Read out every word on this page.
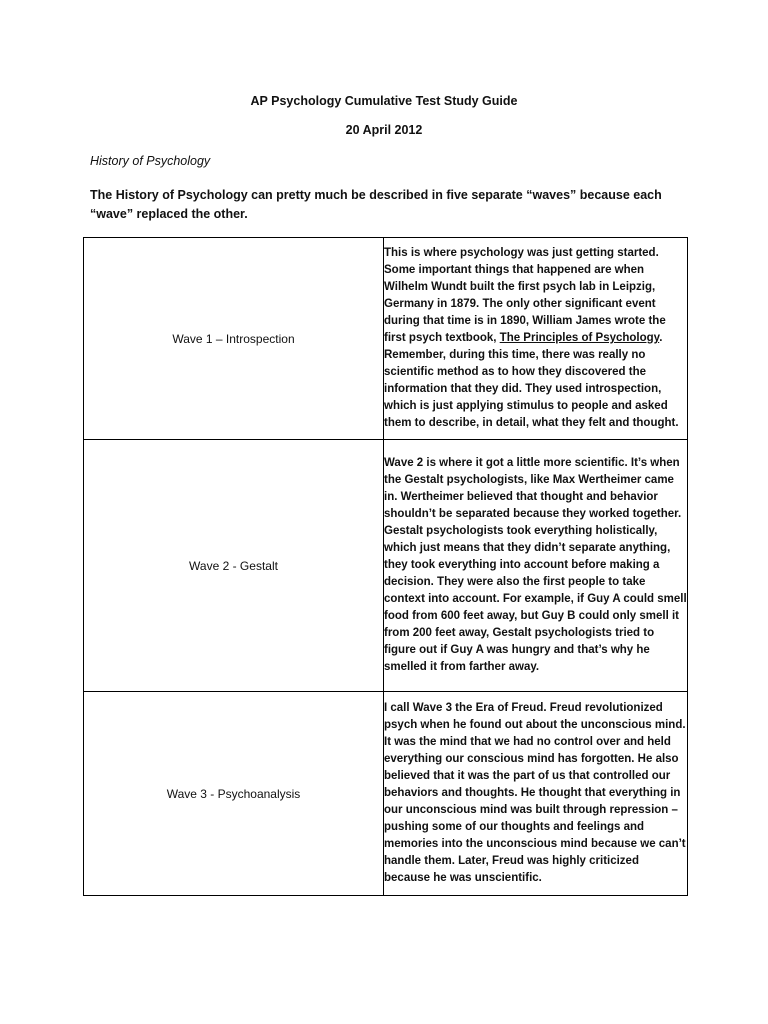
AP Psychology Cumulative Test Study Guide
20 April 2012
History of Psychology
The History of Psychology can pretty much be described in five separate “waves” because each “wave” replaced the other.
Wave 1 – Introspection	This is where psychology was just getting started. Some important things that happened are when Wilhelm Wundt built the first psych lab in Leipzig, Germany in 1879. The only other significant event during that time is in 1890, William James wrote the first psych textbook, The Principles of Psychology. Remember, during this time, there was really no scientific method as to how they discovered the information that they did. They used introspection, which is just applying stimulus to people and asked them to describe, in detail, what they felt and thought.
Wave 2 - Gestalt	Wave 2 is where it got a little more scientific. It’s when the Gestalt psychologists, like Max Wertheimer came in. Wertheimer believed that thought and behavior shouldn’t be separated because they worked together. Gestalt psychologists took everything holistically, which just means that they didn’t separate anything, they took everything into account before making a decision. They were also the first people to take context into account. For example, if Guy A could smell food from 600 feet away, but Guy B could only smell it from 200 feet away, Gestalt psychologists tried to figure out if Guy A was hungry and that’s why he smelled it from farther away.
Wave 3 - Psychoanalysis	I call Wave 3 the Era of Freud. Freud revolutionized psych when he found out about the unconscious mind. It was the mind that we had no control over and held everything our conscious mind has forgotten. He also believed that it was the part of us that controlled our behaviors and thoughts. He thought that everything in our unconscious mind was built through repression – pushing some of our thoughts and feelings and memories into the unconscious mind because we can’t handle them. Later, Freud was highly criticized because he was unscientific.
